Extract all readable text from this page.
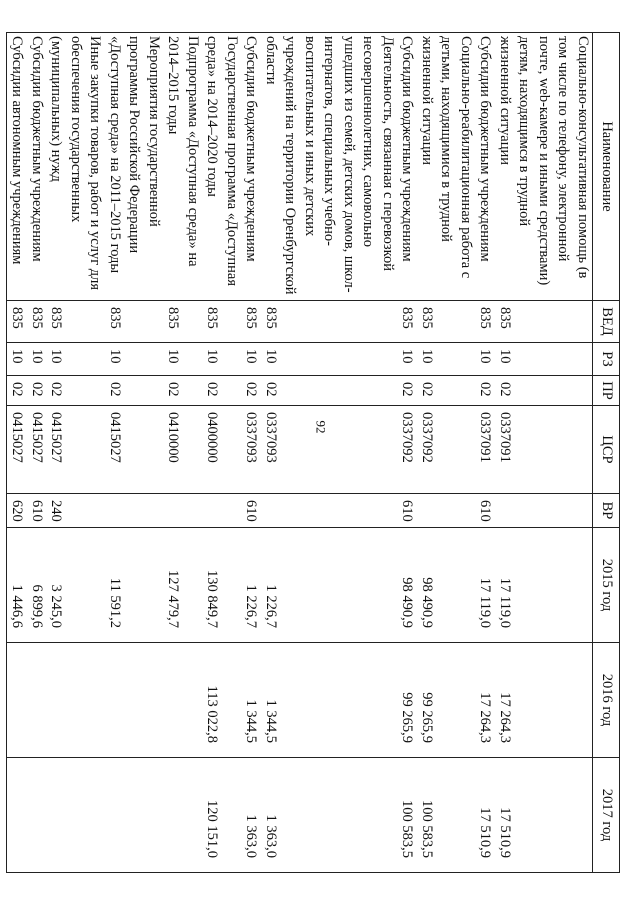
92
Наименование	ВЕД	РЗ	ПР	ЦСР	ВР	2015 год	2016 год	2017 год
Социально-консультативная помощь (в том числе по телефону, электронной почте, web-камере и иными средствами) детям, находящимся в трудной жизненной ситуации	835	10	02	0337091		17 119,0	17 264,3	17 510,9
Субсидии бюджетным учреждениям	835	10	02	0337091	610	17 119,0	17 264,3	17 510,9
Социально-реабилитационная работа с детьми, находящимися в трудной жизненной ситуации	835	10	02	0337092		98 490,9	99 265,9	100 583,5
Субсидии бюджетным учреждениям	835	10	02	0337092	610	98 490,9	99 265,9	100 583,5
Деятельность, связанная с перевозкой несовершеннолетних, самовольно ушедших из семей, детских домов, школ-интернатов, специальных учебно-воспитательных и иных детских учреждений на территории Оренбургской области	835	10	02	0337093		1 226,7	1 344,5	1 363,0
Субсидии бюджетным учреждениям	835	10	02	0337093	610	1 226,7	1 344,5	1 363,0
Государственная программа «Доступная среда» на 2014–2020 годы	835	10	02	0400000		130 849,7	113 022,8	120 151,0
Подпрограмма «Доступная среда» на 2014–2015 годы	835	10	02	0410000		127 479,7		
Мероприятия государственной программы Российской Федерации «Доступная среда» на 2011–2015 годы	835	10	02	0415027		11 591,2		
Иные закупки товаров, работ и услуг для обеспечения государственных (муниципальных) нужд	835	10	02	0415027	240	3 245,0		
Субсидии бюджетным учреждениям	835	10	02	0415027	610	6 899,6		
Субсидии автономным учреждениям	835	10	02	0415027	620	1 446,6		
